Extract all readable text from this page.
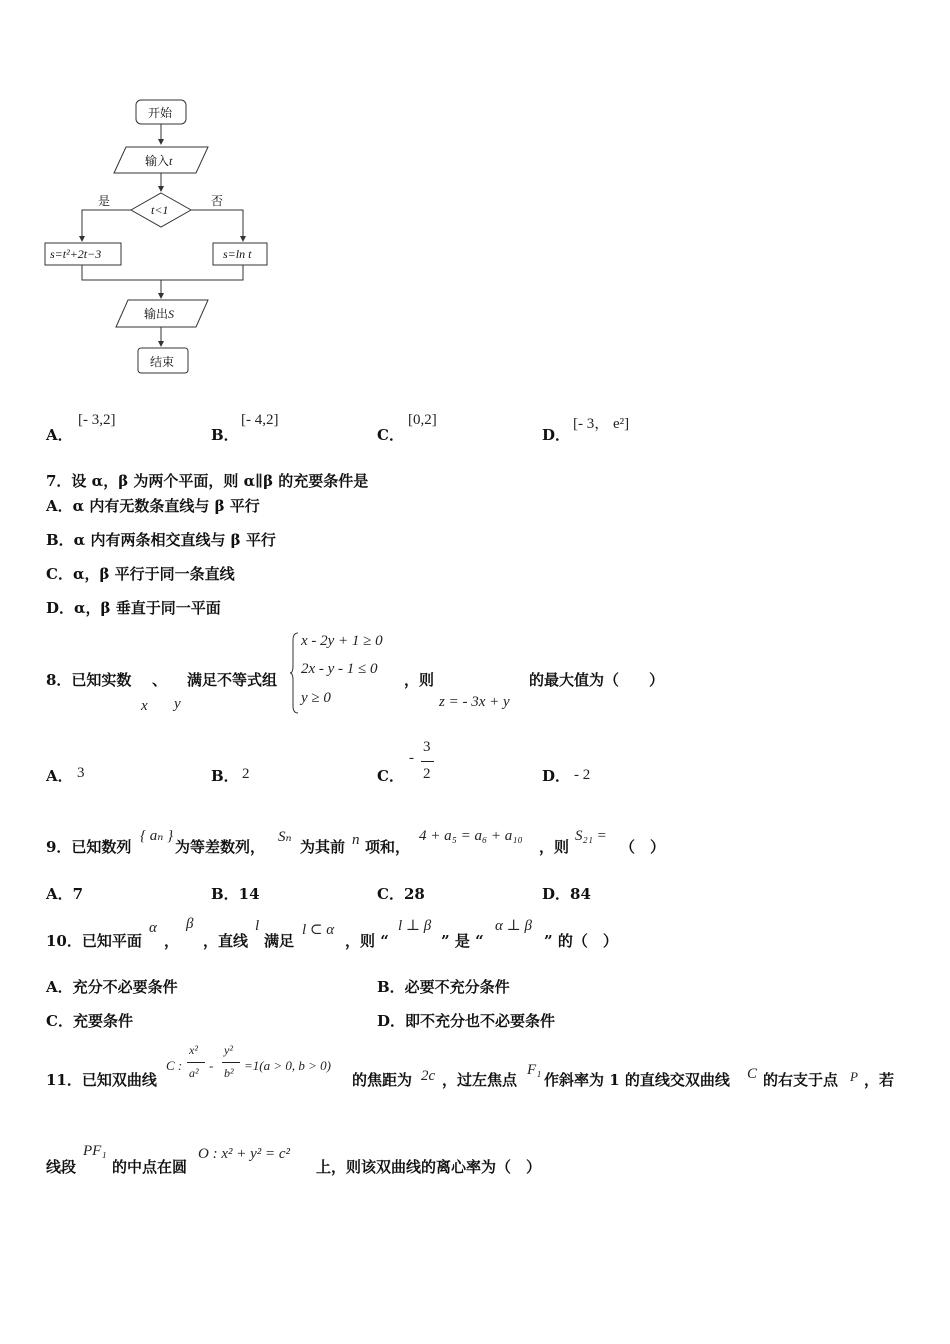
开始
输入t
t<1
是	否
s=t²+2t−3	s=ln t
输出S
结束
A．
[- 3,2]
B．
[- 4,2]
C．
[0,2]
D．
[- 3， e²]
7．设 α，β 为两个平面，则 α∥β 的充要条件是
A．α 内有无数条直线与 β 平行
B．α 内有两条相交直线与 β 平行
C．α，β 平行于同一条直线
D．α，β 垂直于同一平面
8．已知实数 、 满足不等式组
x y
x - 2y + 1 ≥ 0
2x - y - 1 ≤ 0
y ≥ 0
，则
z = - 3x + y
的最大值为（　　）
A． 3	B． 2	C．
-
3
2	D． - 2
9．已知数列
{ aₙ }
为等差数列，
Sₙ
为其前 n 项和，
4 + a₅ = a₆ + a₁₀
，则
S₂₁ =
（　）
A．7	B．14	C．28	D．84
10．已知平面
α
，
β
，直线
l
满足
l ⊂ α
，则 “
l ⊥ β
” 是 “
α ⊥ β
” 的（　）
A．充分不必要条件	B．必要不充分条件
C．充要条件	D．即不充分也不必要条件
11．已知双曲线
C :
x²
a² -
y²
b² =1(a > 0, b > 0)
的焦距为 2c ，过左焦点
F₁
作斜率为 1 的直线交双曲线 C 的右支于点 P ，若
线段
PF₁
的中点在圆
O : x² + y² = c²
上，则该双曲线的离心率为（　）
